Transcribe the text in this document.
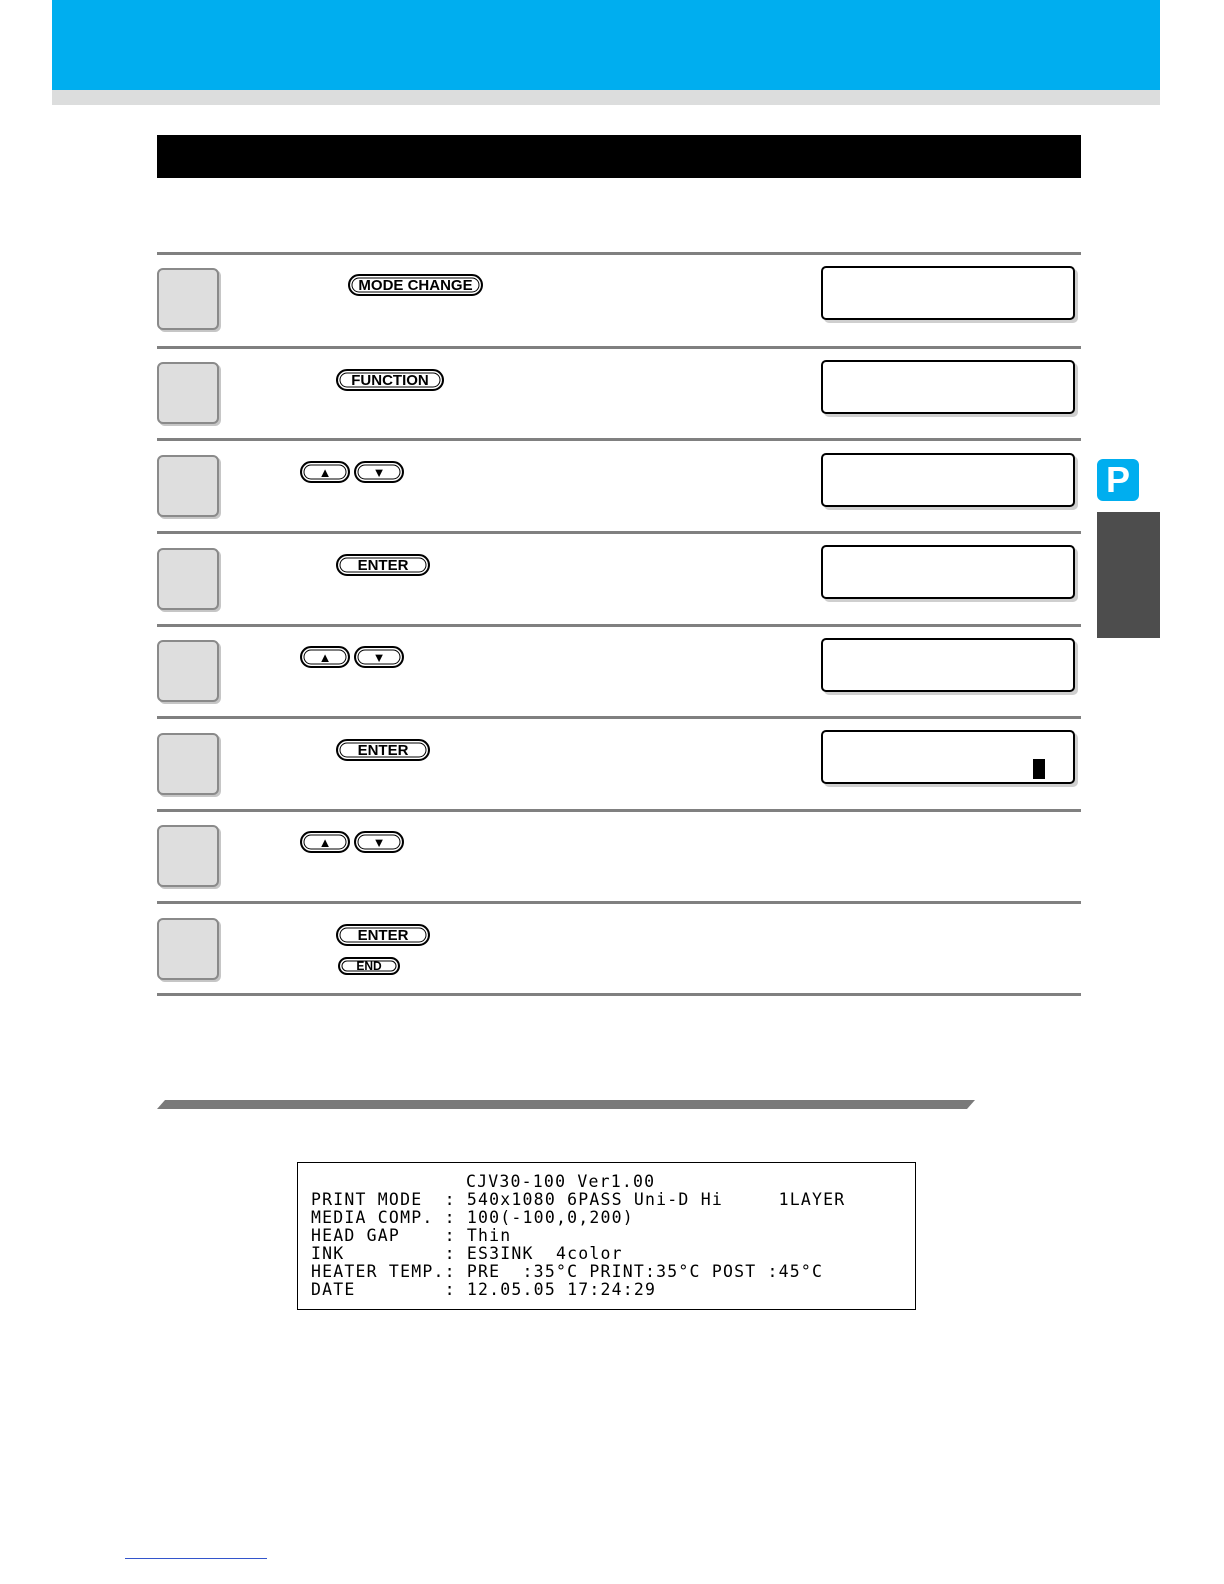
P
MODE CHANGE
FUNCTION
▲	▼
ENTER
▲	▼
ENTER
▲	▼
ENTER
END
CJV30-100 Ver1.00
PRINT MODE  : 540x1080 6PASS Uni-D Hi     1LAYER
MEDIA COMP. : 100(-100,0,200)
HEAD GAP    : Thin
INK         : ES3INK  4color
HEATER TEMP.: PRE  :35°C PRINT:35°C POST :45°C
DATE        : 12.05.05 17:24:29
